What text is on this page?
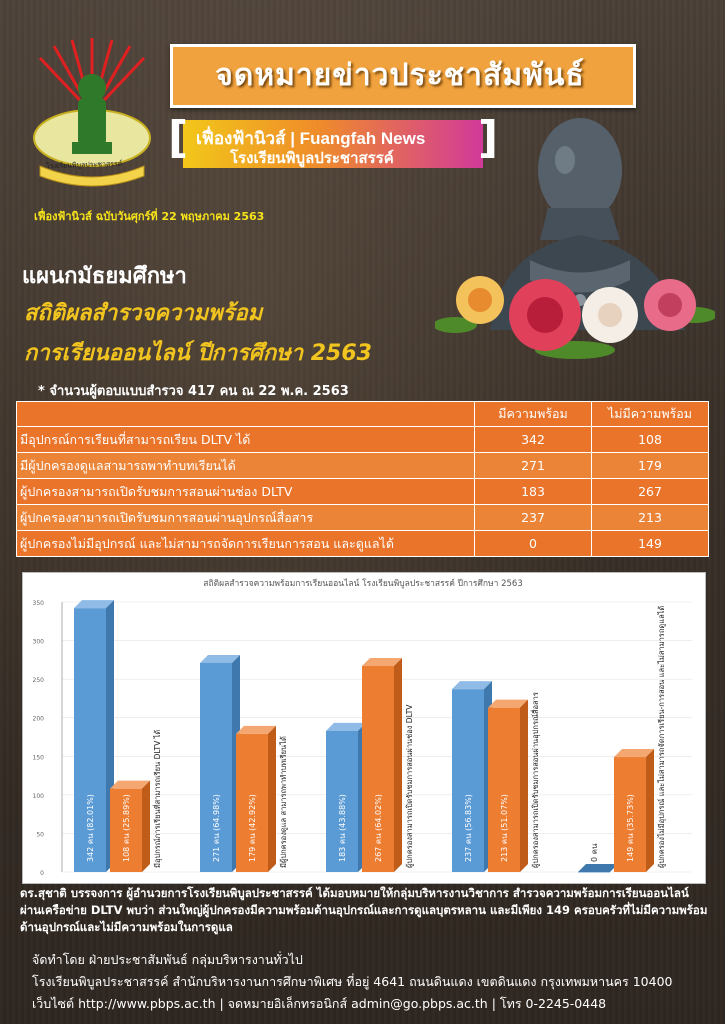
โรงเรียนพิบูลประชาสรรค์
จดหมายข่าวประชาสัมพันธ์
[	]
เฟื่องฟ้านิวส์ | Fuangfah News
โรงเรียนพิบูลประชาสรรค์
เฟื่องฟ้านิวส์ ฉบับวันศุกร์ที่ 22 พฤษภาคม 2563
แผนกมัธยมศึกษา
สถิติผลสำรวจความพร้อม
การเรียนออนไลน์ ปีการศึกษา 2563
* จำนวนผู้ตอบแบบสำรวจ 417 คน ณ 22 พ.ค. 2563
	มีความพร้อม	ไม่มีความพร้อม
มีอุปกรณ์การเรียนที่สามารถเรียน DLTV ได้	342	108
มีผู้ปกครองดูแลสามารถพาทำบทเรียนได้	271	179
ผู้ปกครองสามารถเปิดรับชมการสอนผ่านช่อง DLTV	183	267
ผู้ปกครองสามารถเปิดรับชมการสอนผ่านอุปกรณ์สื่อสาร	237	213
ผู้ปกครองไม่มีอุปกรณ์ และไม่สามารถจัดการเรียนการสอน และดูแลได้	0	149
สถิติผลสำรวจความพร้อมการเรียนออนไลน์ โรงเรียนพิบูลประชาสรรค์ ปีการศึกษา 2563
0
50
100
150
200
250
300
350
342 คน (82.01%)	108 คน (25.89%)	มีอุปกรณ์การเรียนที่สามารถเรียน DLTV ได้	271 คน (64.98%)	179 คน (42.92%)	มีผู้ปกครองดูแล สามารถพาทำบทเรียนได้	183 คน (43.88%)	267 คน (64.02%)	ผู้ปกครองสามารถเปิดรับชมการสอนผ่านช่อง DLTV	237 คน (56.83%)	213 คน (51.07%)	ผู้ปกครองสามารถเปิดรับชมการสอนผ่านอุปกรณ์สื่อสาร	0 คน	149 คน (35.73%)	ผู้ปกครองไม่มีอุปกรณ์ และไม่สามารถจัดการเรียน-การสอน และไม่สามารถดูแลได้
ดร.สุชาติ บรรจงการ ผู้อำนวยการโรงเรียนพิบูลประชาสรรค์ ได้มอบหมายให้กลุ่มบริหารงานวิชาการ สำรวจความพร้อมการเรียนออนไลน์ ผ่านเครือข่าย DLTV พบว่า ส่วนใหญ่ผู้ปกครองมีความพร้อมด้านอุปกรณ์และการดูแลบุตรหลาน และมีเพียง 149 ครอบครัวที่ไม่มีความพร้อมด้านอุปกรณ์และไม่มีความพร้อมในการดูแล
จัดทำโดย ฝ่ายประชาสัมพันธ์ กลุ่มบริหารงานทั่วไป
โรงเรียนพิบูลประชาสรรค์ สำนักบริหารงานการศึกษาพิเศษ ที่อยู่ 4641 ถนนดินแดง เขตดินแดง กรุงเทพมหานคร 10400
เว็บไซต์ http://www.pbps.ac.th | จดหมายอิเล็กทรอนิกส์ admin@go.pbps.ac.th | โทร 0-2245-0448
